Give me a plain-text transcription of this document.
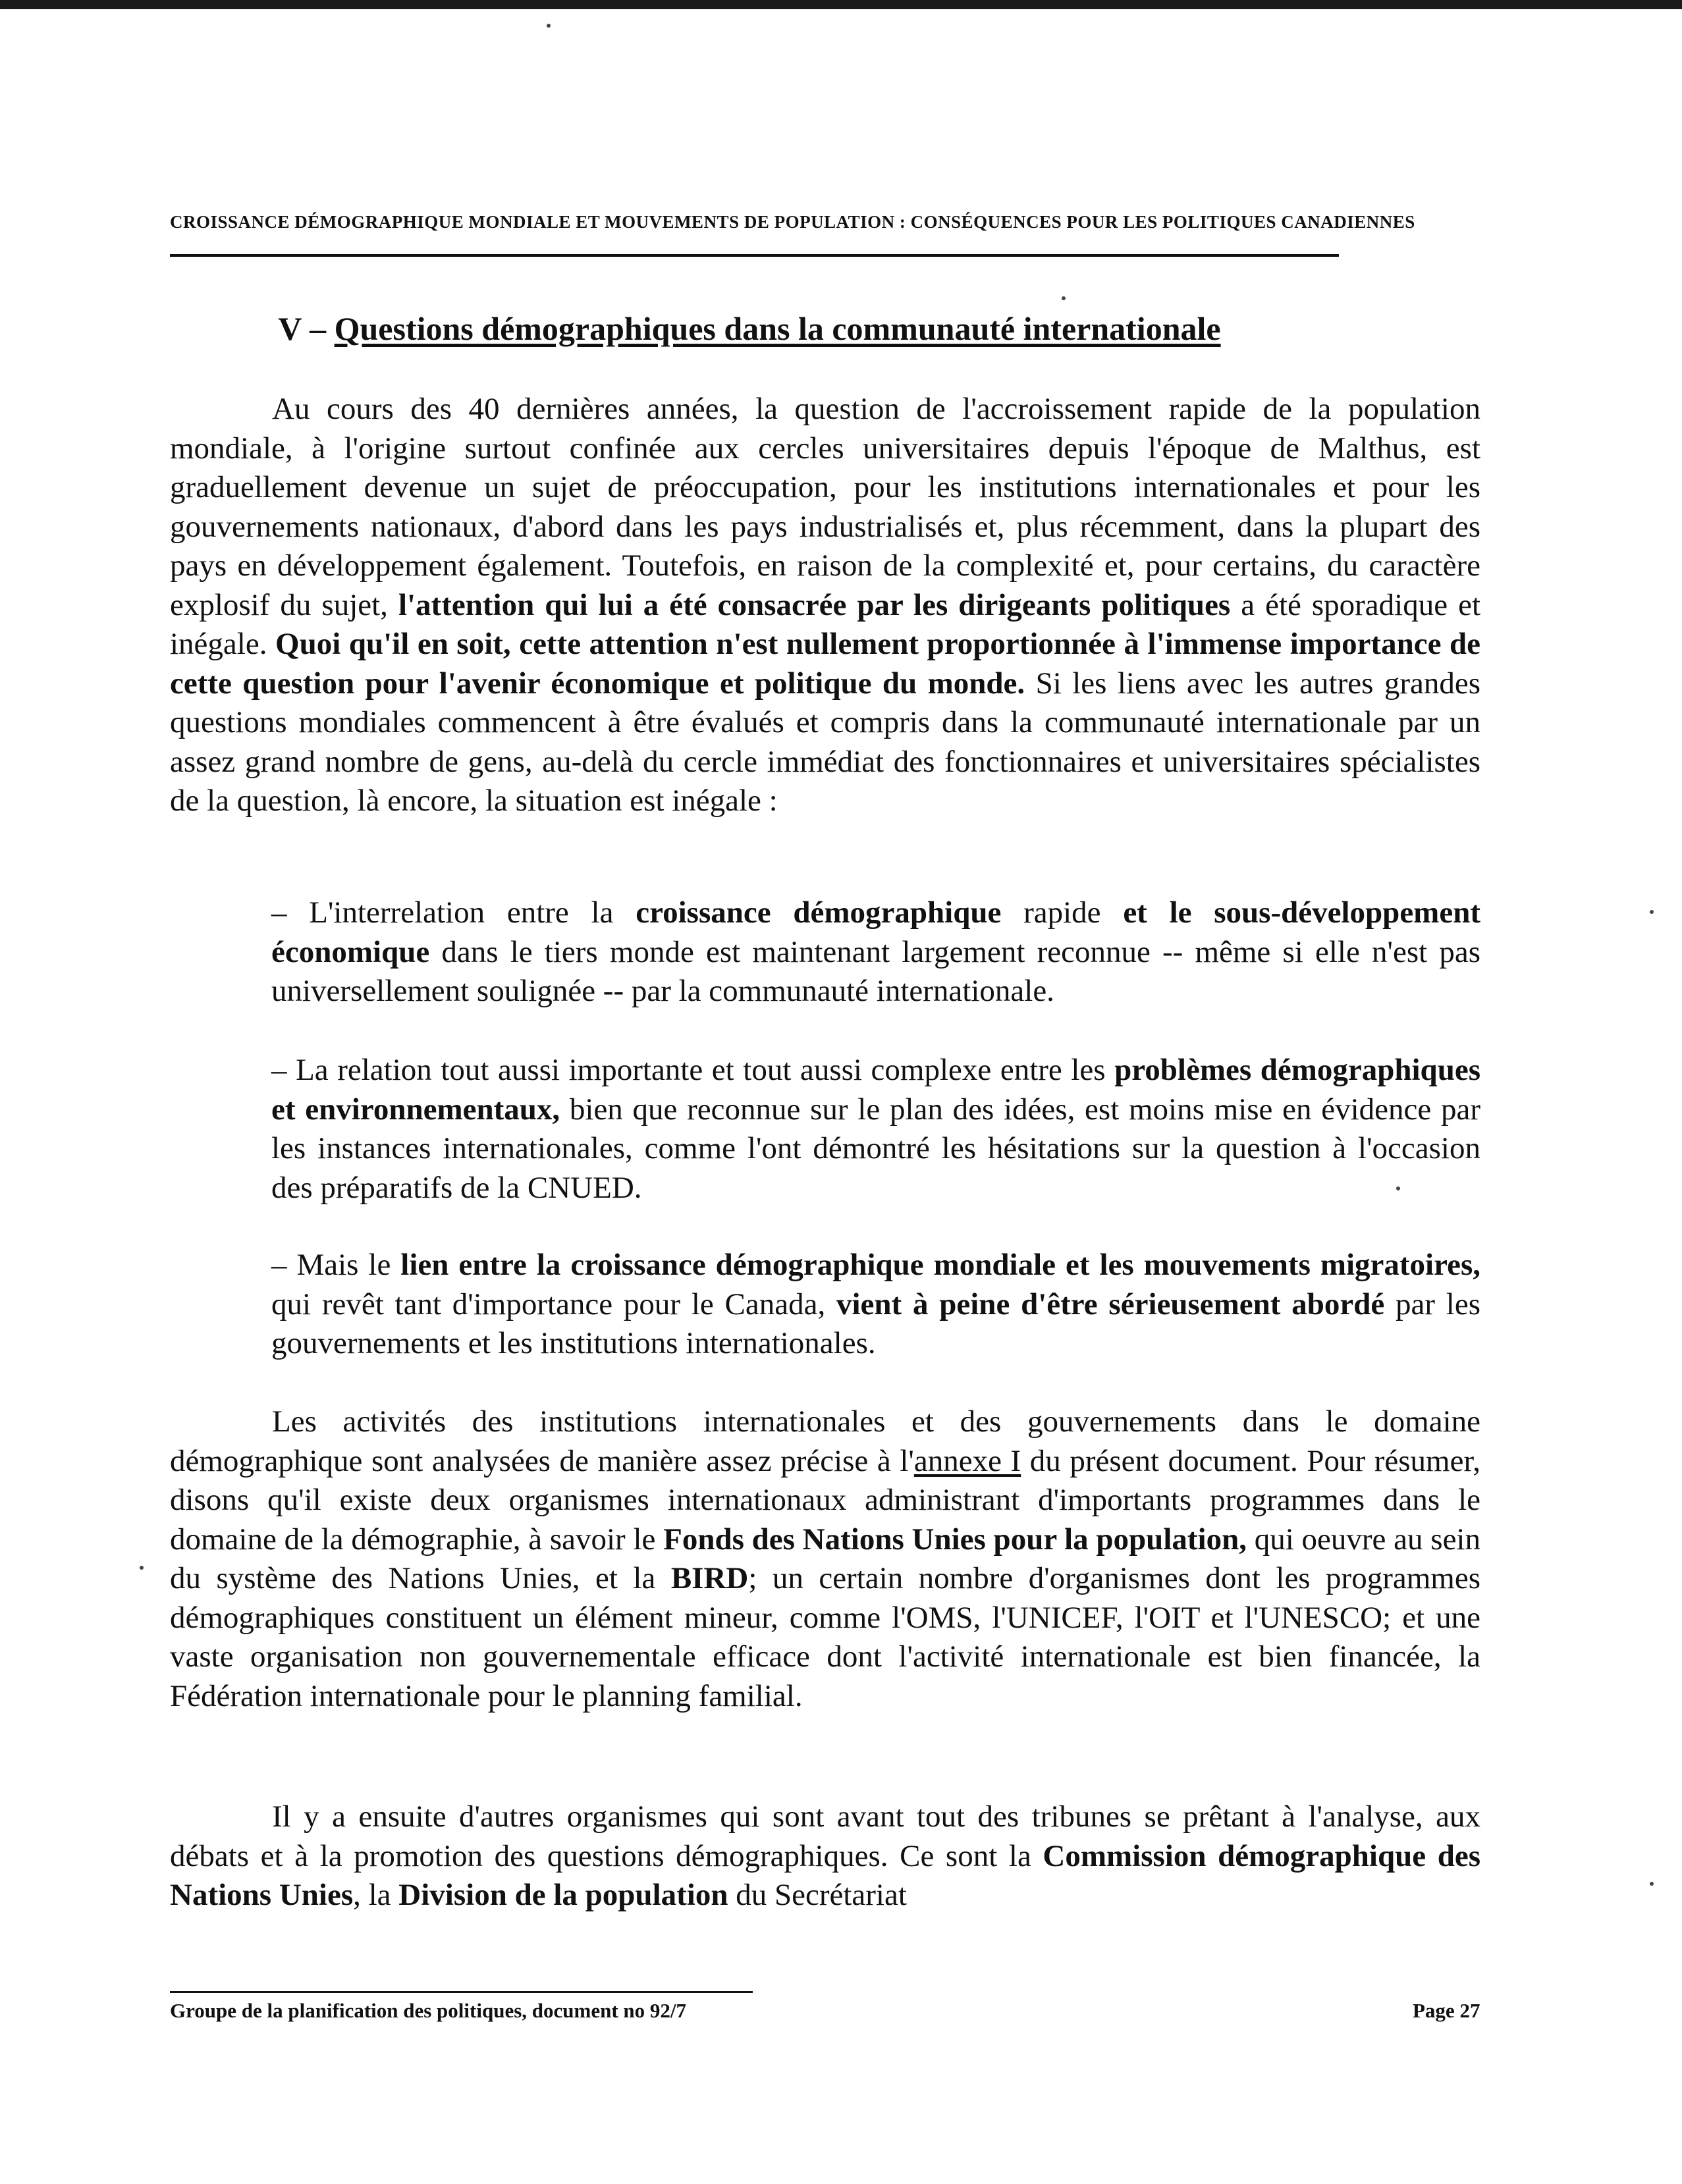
CROISSANCE DÉMOGRAPHIQUE MONDIALE ET MOUVEMENTS DE POPULATION : CONSÉQUENCES POUR LES POLITIQUES CANADIENNES
V – Questions démographiques dans la communauté internationale

Au cours des 40 dernières années, la question de l'accroissement rapide de la population mondiale, à l'origine surtout confinée aux cercles universitaires depuis l'époque de Malthus, est graduellement devenue un sujet de préoccupation, pour les institutions internationales et pour les gouvernements nationaux, d'abord dans les pays industrialisés et, plus récemment, dans la plupart des pays en développement également. Toutefois, en raison de la complexité et, pour certains, du caractère explosif du sujet, l'attention qui lui a été consacrée par les dirigeants politiques a été sporadique et inégale. Quoi qu'il en soit, cette attention n'est nullement proportionnée à l'immense importance de cette question pour l'avenir économique et politique du monde. Si les liens avec les autres grandes questions mondiales commencent à être évalués et compris dans la communauté internationale par un assez grand nombre de gens, au-delà du cercle immédiat des fonctionnaires et universitaires spécialistes de la question, là encore, la situation est inégale :

– L'interrelation entre la croissance démographique rapide et le sous-développement économique dans le tiers monde est maintenant largement reconnue -- même si elle n'est pas universellement soulignée -- par la communauté internationale.

– La relation tout aussi importante et tout aussi complexe entre les problèmes démographiques et environnementaux, bien que reconnue sur le plan des idées, est moins mise en évidence par les instances internationales, comme l'ont démontré les hésitations sur la question à l'occasion des préparatifs de la CNUED.

– Mais le lien entre la croissance démographique mondiale et les mouvements migratoires, qui revêt tant d'importance pour le Canada, vient à peine d'être sérieusement abordé par les gouvernements et les institutions internationales.

Les activités des institutions internationales et des gouvernements dans le domaine démographique sont analysées de manière assez précise à l'annexe I du présent document. Pour résumer, disons qu'il existe deux organismes internationaux administrant d'importants programmes dans le domaine de la démographie, à savoir le Fonds des Nations Unies pour la population, qui oeuvre au sein du système des Nations Unies, et la BIRD; un certain nombre d'organismes dont les programmes démographiques constituent un élément mineur, comme l'OMS, l'UNICEF, l'OIT et l'UNESCO; et une vaste organisation non gouvernementale efficace dont l'activité internationale est bien financée, la Fédération internationale pour le planning familial.

Il y a ensuite d'autres organismes qui sont avant tout des tribunes se prêtant à l'analyse, aux débats et à la promotion des questions démographiques. Ce sont la Commission démographique des Nations Unies, la Division de la population du Secrétariat

Groupe de la planification des politiques, document no 92/7	Page 27
